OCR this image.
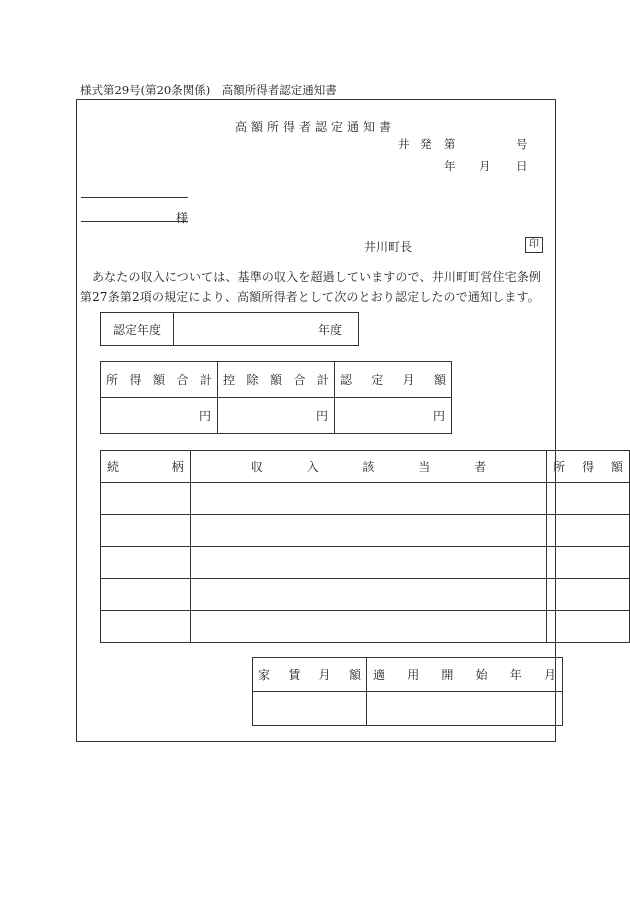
様式第29号(第20条関係)　高額所得者認定通知書
高額所得者認定通知書
井 発 第	号
年 月 日
様
井川町長	印
あなたの収入については、基準の収入を超過していますので、井川町町営住宅条例第27条第2項の規定により、高額所得者として次のとおり認定したので通知します。
認定年度	年度
所得額合計	控除額合計	認定月額

円	円	円
続柄	収入該当者	所得額

家賃月額	適用開始年月
